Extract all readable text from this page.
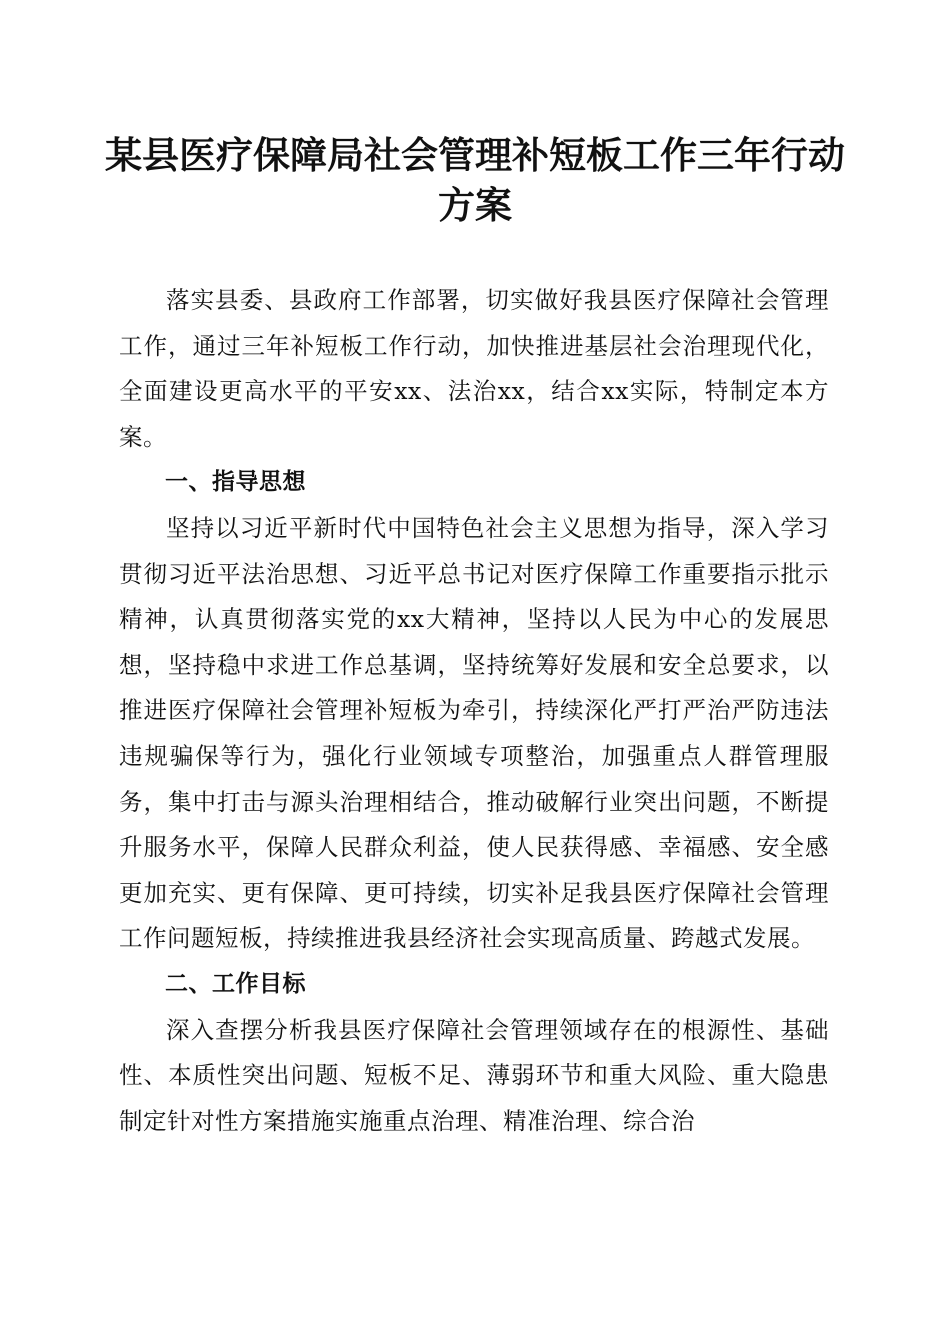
某县医疗保障局社会管理补短板工作三年行动方案

落实县委、县政府工作部署，切实做好我县医疗保障社会管理工作，通过三年补短板工作行动，加快推进基层社会治理现代化，全面建设更高水平的平安xx、法治xx，结合xx实际，特制定本方案。

一、指导思想

坚持以习近平新时代中国特色社会主义思想为指导，深入学习贯彻习近平法治思想、习近平总书记对医疗保障工作重要指示批示精神，认真贯彻落实党的xx大精神，坚持以人民为中心的发展思想，坚持稳中求进工作总基调，坚持统筹好发展和安全总要求，以推进医疗保障社会管理补短板为牵引，持续深化严打严治严防违法违规骗保等行为，强化行业领域专项整治，加强重点人群管理服务，集中打击与源头治理相结合，推动破解行业突出问题，不断提升服务水平，保障人民群众利益，使人民获得感、幸福感、安全感更加充实、更有保障、更可持续，切实补足我县医疗保障社会管理工作问题短板，持续推进我县经济社会实现高质量、跨越式发展。

二、工作目标

深入查摆分析我县医疗保障社会管理领域存在的根源性、基础性、本质性突出问题、短板不足、薄弱环节和重大风险、重大隐患制定针对性方案措施实施重点治理、精准治理、综合治
